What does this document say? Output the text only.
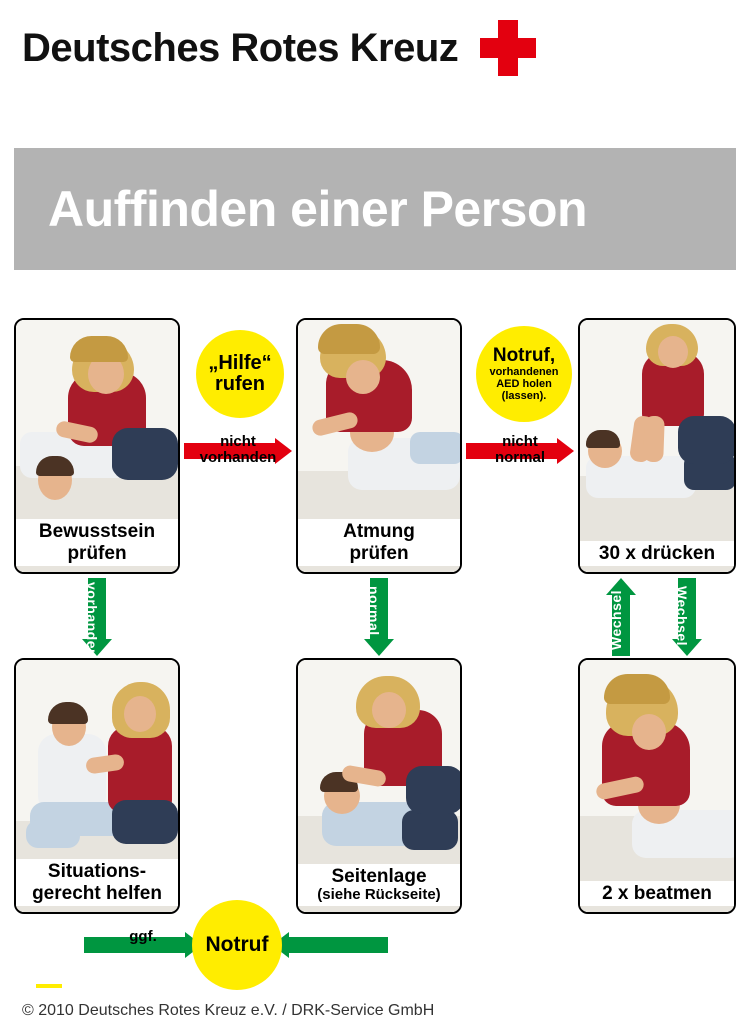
Deutsches Rotes Kreuz
Auffinden einer Person
Bewusstsein
prüfen
Atmung
prüfen	30 x drücken
Situations-
gerecht helfen
Seitenlage
(siehe Rückseite)	2 x beatmen
nicht
vorhanden
nicht
normal
vorhanden	normal	Wechsel	Wechsel
ggf.
„Hilfe“
rufen
Notruf,
vorhandenen
AED holen
(lassen).
Notruf
© 2010 Deutsches Rotes Kreuz e.V. / DRK-Service GmbH
